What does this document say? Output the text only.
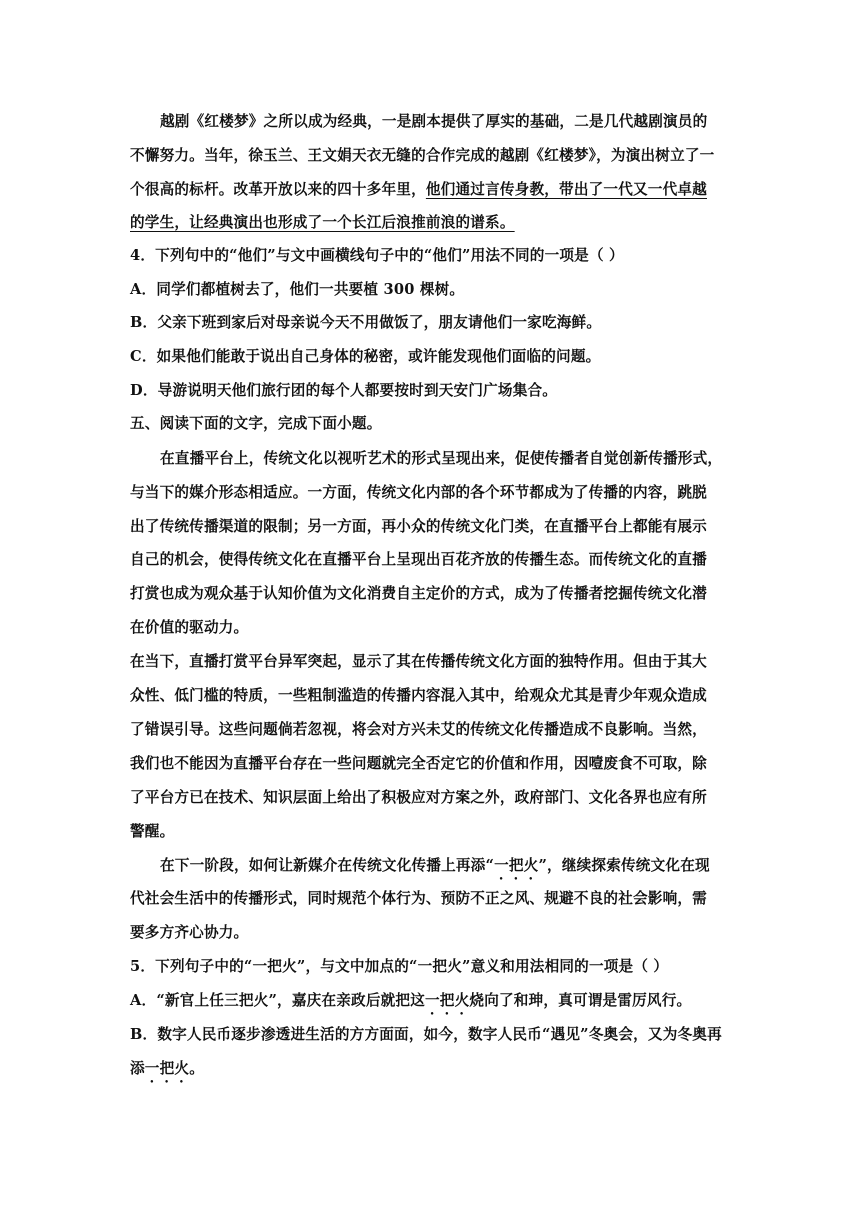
越剧《红楼梦》之所以成为经典，一是剧本提供了厚实的基础，二是几代越剧演员的
不懈努力。当年，徐玉兰、王文娟天衣无缝的合作完成的越剧《红楼梦》，为演出树立了一
个很高的标杆。改革开放以来的四十多年里，他们通过言传身教，带出了一代又一代卓越
的学生，让经典演出也形成了一个长江后浪推前浪的谱系。
4．下列句中的“他们”与文中画横线句子中的“他们”用法不同的一项是（ ）
A．同学们都植树去了，他们一共要植 300 棵树。
B．父亲下班到家后对母亲说今天不用做饭了，朋友请他们一家吃海鲜。
C．如果他们能敢于说出自己身体的秘密，或许能发现他们面临的问题。
D．导游说明天他们旅行团的每个人都要按时到天安门广场集合。
五、阅读下面的文字，完成下面小题。
在直播平台上，传统文化以视听艺术的形式呈现出来，促使传播者自觉创新传播形式，
与当下的媒介形态相适应。一方面，传统文化内部的各个环节都成为了传播的内容，跳脱
出了传统传播渠道的限制；另一方面，再小众的传统文化门类，在直播平台上都能有展示
自己的机会，使得传统文化在直播平台上呈现出百花齐放的传播生态。而传统文化的直播
打赏也成为观众基于认知价值为文化消费自主定价的方式，成为了传播者挖掘传统文化潜
在价值的驱动力。
在当下，直播打赏平台异军突起，显示了其在传播传统文化方面的独特作用。但由于其大
众性、低门槛的特质，一些粗制滥造的传播内容混入其中，给观众尤其是青少年观众造成
了错误引导。这些问题倘若忽视，将会对方兴未艾的传统文化传播造成不良影响。当然，
我们也不能因为直播平台存在一些问题就完全否定它的价值和作用，因噎废食不可取，除
了平台方已在技术、知识层面上给出了积极应对方案之外，政府部门、文化各界也应有所
警醒。
在下一阶段，如何让新媒介在传统文化传播上再添“一把火”，继续探索传统文化在现
代社会生活中的传播形式，同时规范个体行为、预防不正之风、规避不良的社会影响，需
要多方齐心协力。
5．下列句子中的“一把火”，与文中加点的“一把火”意义和用法相同的一项是（ ）
A．“新官上任三把火”，嘉庆在亲政后就把这一把火烧向了和珅，真可谓是雷厉风行。
B．数字人民币逐步渗透进生活的方方面面，如今，数字人民币“遇见”冬奥会，又为冬奥再
添一把火。
